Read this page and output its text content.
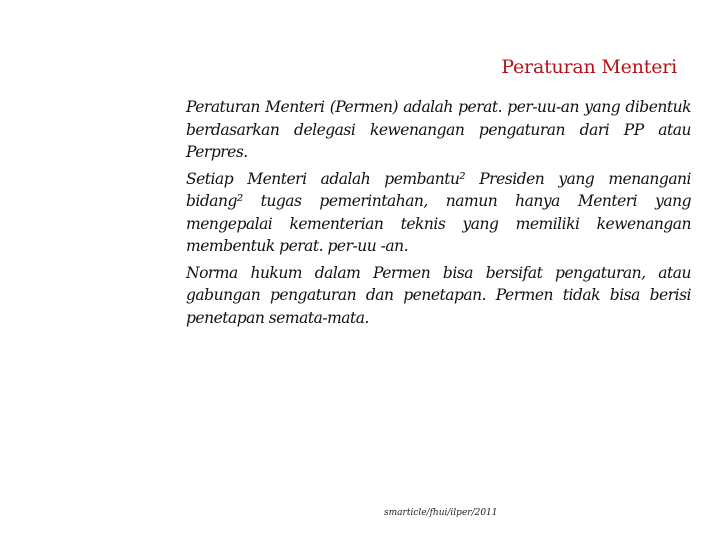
Peraturan Menteri

Peraturan Menteri (Permen) adalah perat. per-uu-an yang dibentuk berdasarkan delegasi kewenangan pengaturan dari PP atau Perpres.

Setiap Menteri adalah pembantu² Presiden yang menangani bidang² tugas pemerintahan, namun hanya Menteri yang mengepalai kementerian teknis yang memiliki kewenangan membentuk perat. per-uu -an.

Norma hukum dalam Permen bisa bersifat pengaturan, atau gabungan pengaturan dan penetapan. Permen tidak bisa berisi penetapan semata-mata.

smarticle/fhui/ilper/2011
